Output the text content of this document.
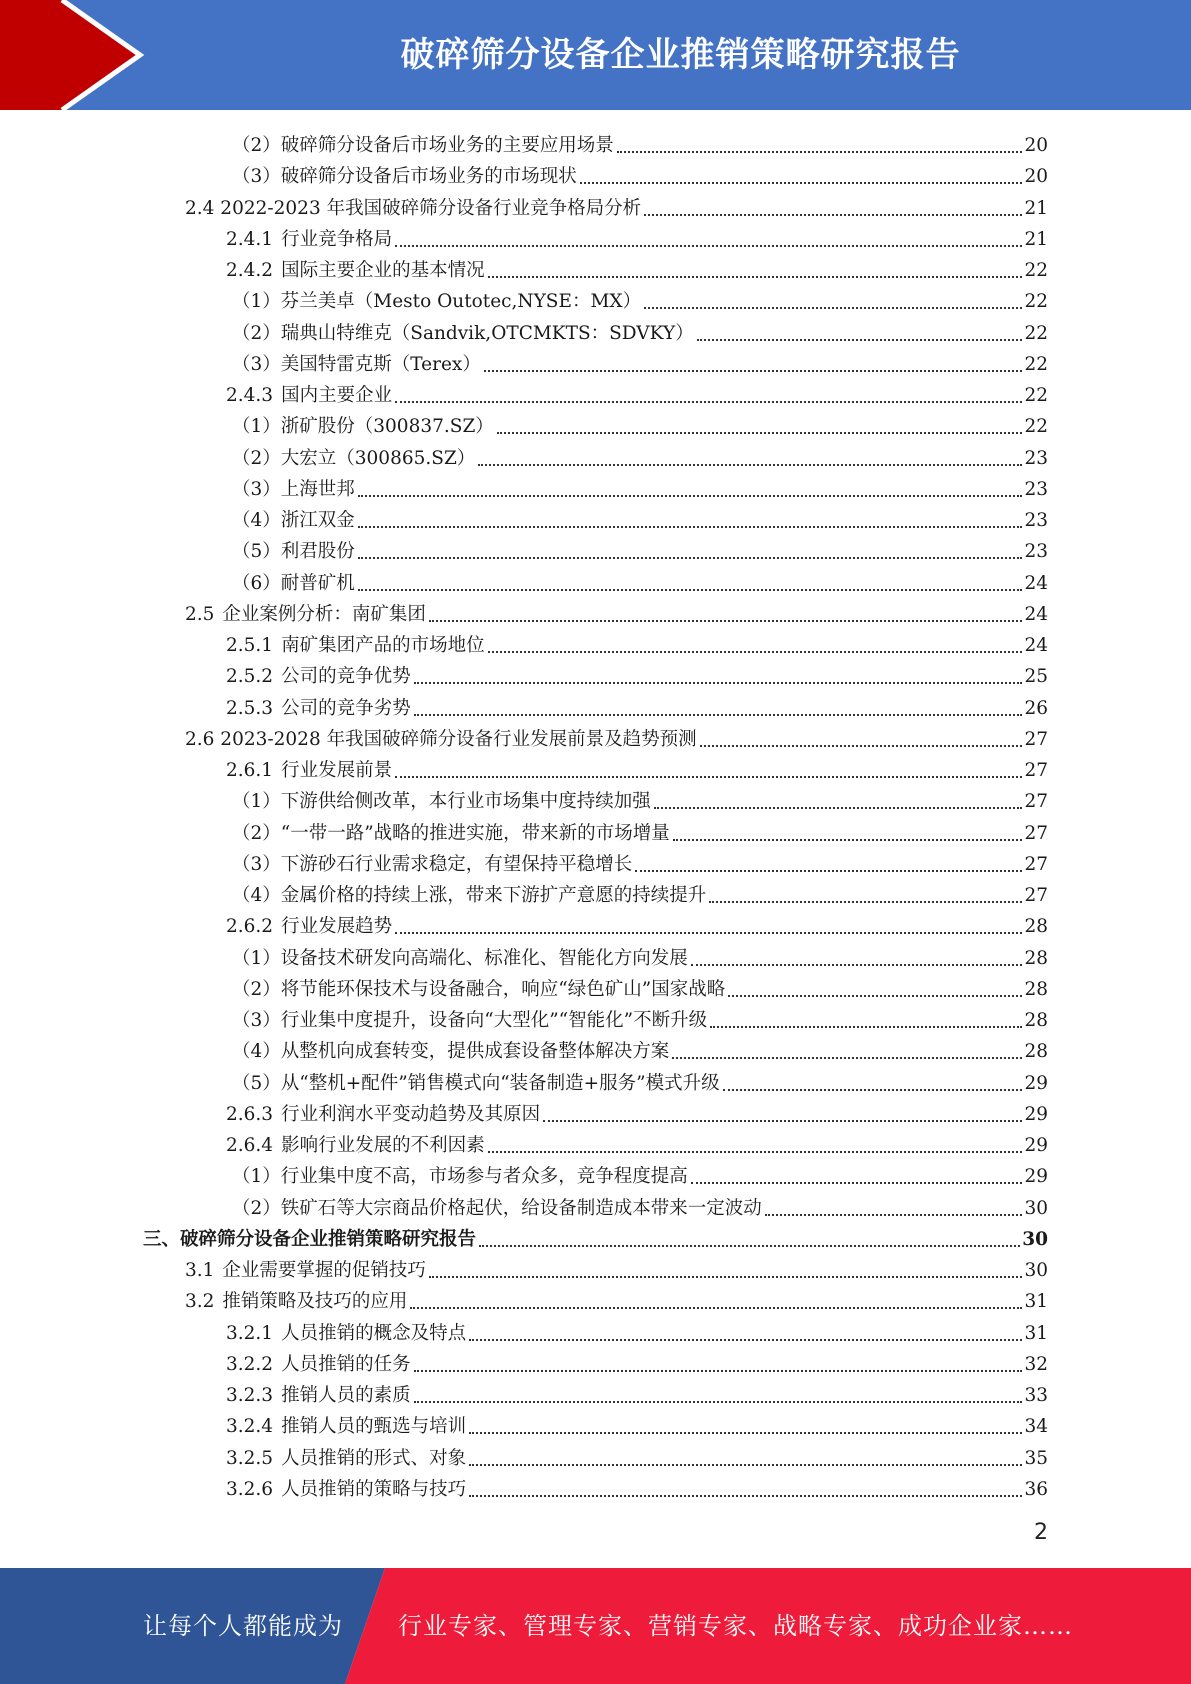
破碎筛分设备企业推销策略研究报告
（2）破碎筛分设备后市场业务的主要应用场景	20
（3）破碎筛分设备后市场业务的市场现状	20
2.4 2022-2023 年我国破碎筛分设备行业竞争格局分析	21
2.4.1 行业竞争格局	21
2.4.2 国际主要企业的基本情况	22
（1）芬兰美卓（Mesto Outotec,NYSE：MX）	22
（2）瑞典山特维克（Sandvik,OTCMKTS：SDVKY）	22
（3）美国特雷克斯（Terex）	22
2.4.3 国内主要企业	22
（1）浙矿股份（300837.SZ）	22
（2）大宏立（300865.SZ）	23
（3）上海世邦	23
（4）浙江双金	23
（5）利君股份	23
（6）耐普矿机	24
2.5 企业案例分析：南矿集团	24
2.5.1 南矿集团产品的市场地位	24
2.5.2 公司的竞争优势	25
2.5.3 公司的竞争劣势	26
2.6 2023-2028 年我国破碎筛分设备行业发展前景及趋势预测	27
2.6.1 行业发展前景	27
（1）下游供给侧改革，本行业市场集中度持续加强	27
（2）“一带一路”战略的推进实施，带来新的市场增量	27
（3）下游砂石行业需求稳定，有望保持平稳增长	27
（4）金属价格的持续上涨，带来下游扩产意愿的持续提升	27
2.6.2 行业发展趋势	28
（1）设备技术研发向高端化、标准化、智能化方向发展	28
（2）将节能环保技术与设备融合，响应“绿色矿山”国家战略	28
（3）行业集中度提升，设备向“大型化”“智能化”不断升级	28
（4）从整机向成套转变，提供成套设备整体解决方案	28
（5）从“整机+配件”销售模式向“装备制造+服务”模式升级	29
2.6.3 行业利润水平变动趋势及其原因	29
2.6.4 影响行业发展的不利因素	29
（1）行业集中度不高，市场参与者众多，竞争程度提高	29
（2）铁矿石等大宗商品价格起伏，给设备制造成本带来一定波动	30
三、破碎筛分设备企业推销策略研究报告	30
3.1 企业需要掌握的促销技巧	30
3.2 推销策略及技巧的应用	31
3.2.1 人员推销的概念及特点	31
3.2.2 人员推销的任务	32
3.2.3 推销人员的素质	33
3.2.4 推销人员的甄选与培训	34
3.2.5 人员推销的形式、对象	35
3.2.6 人员推销的策略与技巧	36
2
让每个人都能成为 行业专家、管理专家、营销专家、战略专家、成功企业家……
